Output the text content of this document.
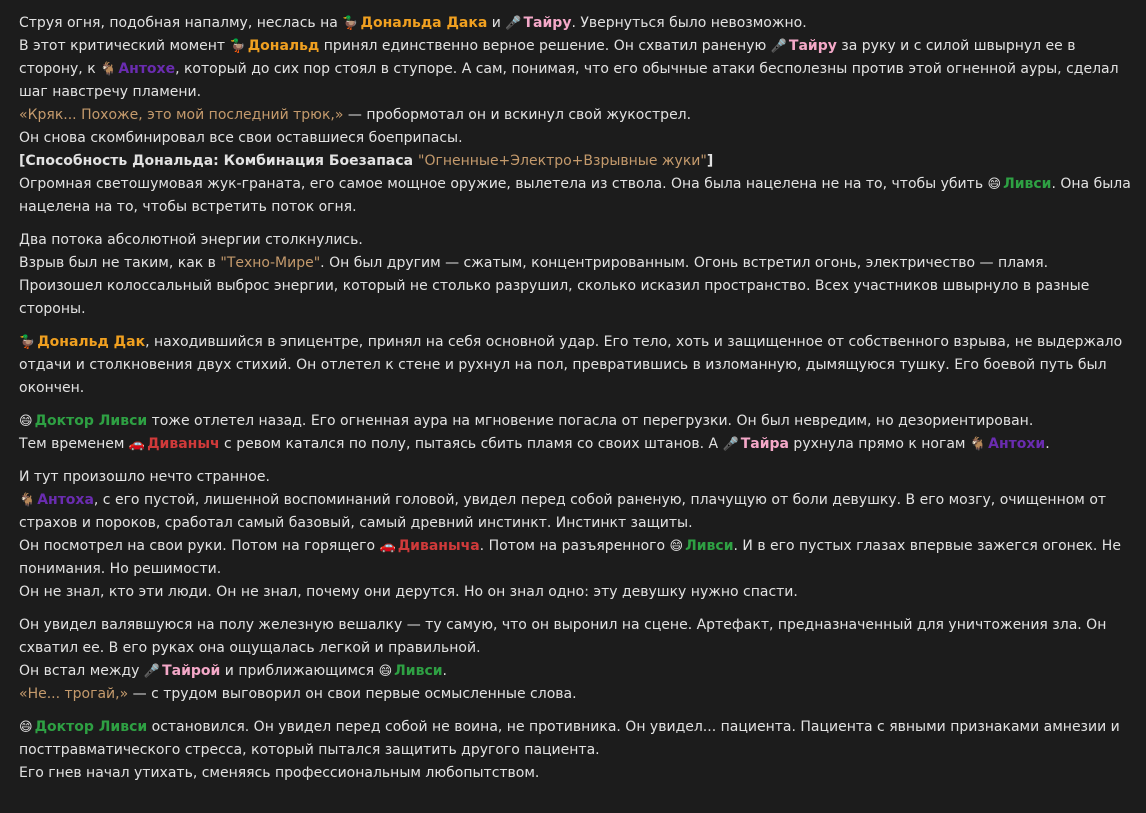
Струя огня, подобная напалму, неслась на 🦆Дональда Дака и 🎤Тайру. Увернуться было невозможно.
В этот критический момент 🦆Дональд принял единственно верное решение. Он схватил раненую 🎤Тайру за руку и с силой швырнул ее в сторону, к 🐐Антохе, который до сих пор стоял в ступоре. А сам, понимая, что его обычные атаки бесполезны против этой огненной ауры, сделал шаг навстречу пламени.
«Кряк... Похоже, это мой последний трюк,» — пробормотал он и вскинул свой жукострел.
Он снова скомбинировал все свои оставшиеся боеприпасы.
[Способность Дональда: Комбинация Боезапаса "Огненные+Электро+Взрывные жуки"]
Огромная светошумовая жук-граната, его самое мощное оружие, вылетела из ствола. Она была нацелена не на то, чтобы убить 😄Ливси. Она была нацелена на то, чтобы встретить поток огня.
Два потока абсолютной энергии столкнулись.
Взрыв был не таким, как в "Техно-Мире". Он был другим — сжатым, концентрированным. Огонь встретил огонь, электричество — пламя. Произошел колоссальный выброс энергии, который не столько разрушил, сколько исказил пространство. Всех участников швырнуло в разные стороны.
🦆Дональд Дак, находившийся в эпицентре, принял на себя основной удар. Его тело, хоть и защищенное от собственного взрыва, не выдержало отдачи и столкновения двух стихий. Он отлетел к стене и рухнул на пол, превратившись в изломанную, дымящуюся тушку. Его боевой путь был окончен.
😄Доктор Ливси тоже отлетел назад. Его огненная аура на мгновение погасла от перегрузки. Он был невредим, но дезориентирован.
Тем временем 🚗Диваныч с ревом катался по полу, пытаясь сбить пламя со своих штанов. А 🎤Тайра рухнула прямо к ногам 🐐Антохи.
И тут произошло нечто странное.
🐐Антоха, с его пустой, лишенной воспоминаний головой, увидел перед собой раненую, плачущую от боли девушку. В его мозгу, очищенном от страхов и пороков, сработал самый базовый, самый древний инстинкт. Инстинкт защиты.
Он посмотрел на свои руки. Потом на горящего 🚗Диваныча. Потом на разъяренного 😄Ливси. И в его пустых глазах впервые зажегся огонек. Не понимания. Но решимости.
Он не знал, кто эти люди. Он не знал, почему они дерутся. Но он знал одно: эту девушку нужно спасти.
Он увидел валявшуюся на полу железную вешалку — ту самую, что он выронил на сцене. Артефакт, предназначенный для уничтожения зла. Он схватил ее. В его руках она ощущалась легкой и правильной.
Он встал между 🎤Тайрой и приближающимся 😄Ливси.
«Не... трогай,» — с трудом выговорил он свои первые осмысленные слова.
😄Доктор Ливси остановился. Он увидел перед собой не воина, не противника. Он увидел... пациента. Пациента с явными признаками амнезии и посттравматического стресса, который пытался защитить другого пациента.
Его гнев начал утихать, сменяясь профессиональным любопытством.
